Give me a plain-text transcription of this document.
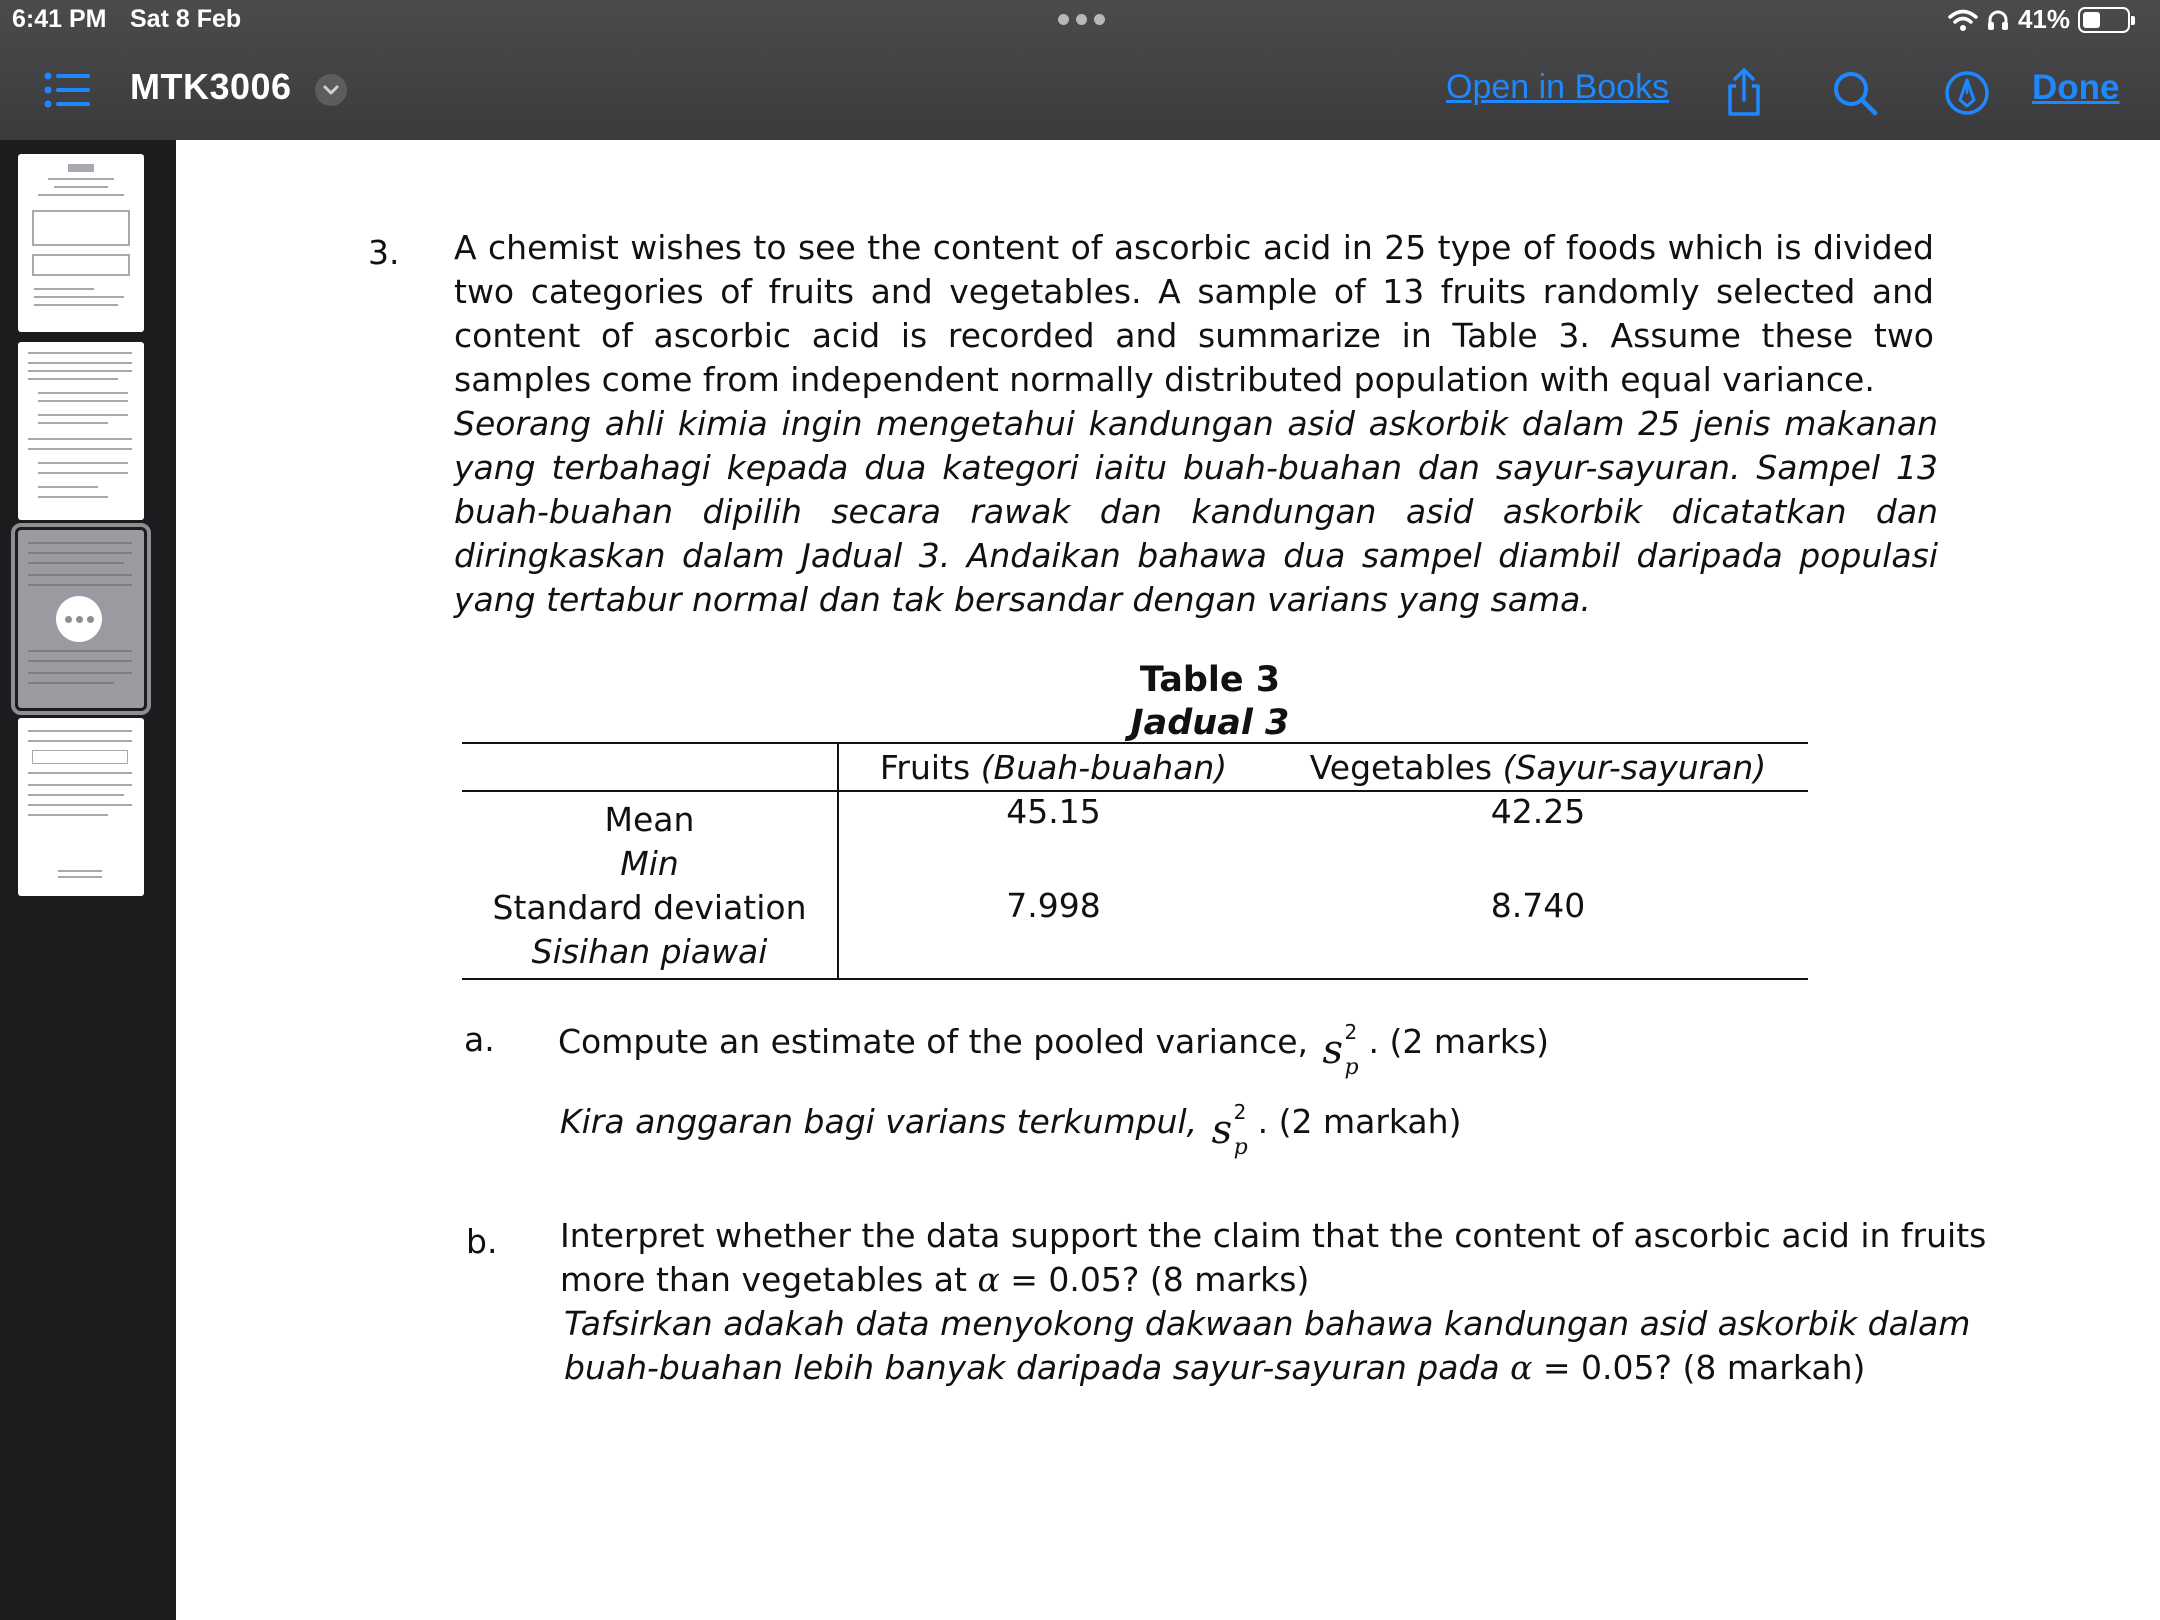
6:41 PM Sat 8 Feb	41%
MTK3006	Open in Books	Done
3. A chemist wishes to see the content of ascorbic acid in 25 type of foods which is divided two categories of fruits and vegetables. A sample of 13 fruits randomly selected and content of ascorbic acid is recorded and summarize in Table 3. Assume these two samples come from independent normally distributed population with equal variance.
Seorang ahli kimia ingin mengetahui kandungan asid askorbik dalam 25 jenis makanan yang terbahagi kepada dua kategori iaitu buah-buahan dan sayur-sayuran. Sampel 13 buah-buahan dipilih secara rawak dan kandungan asid askorbik dicatatkan dan diringkaskan dalam Jadual 3. Andaikan bahawa dua sampel diambil daripada populasi yang tertabur normal dan tak bersandar dengan varians yang sama.
Table 3
Jadual 3
	Fruits (Buah-buahan)	Vegetables (Sayur-sayuran)

Mean
Min	45.15	42.25

Standard deviation
Sisihan piawai	7.998	8.740
a. Compute an estimate of the pooled variance, s 2
p
. (2 marks)
Kira anggaran bagi varians terkumpul, s 2
p
. (2 markah)
b. Interpret whether the data support the claim that the content of ascorbic acid in fruits
more than vegetables at α = 0.05? (8 marks)
Tafsirkan adakah data menyokong dakwaan bahawa kandungan asid askorbik dalam
buah-buahan lebih banyak daripada sayur-sayuran pada α = 0.05? (8 markah)
